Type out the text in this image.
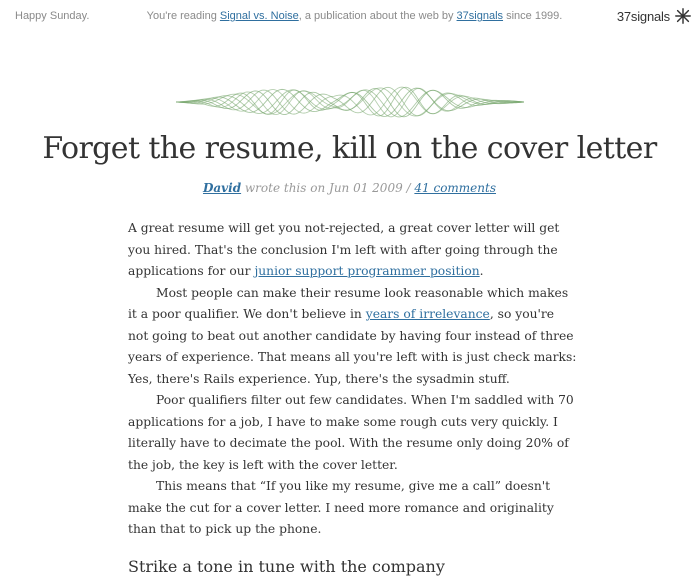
Happy Sunday.	You're reading Signal vs. Noise, a publication about the web by 37signals since 1999.	37signals
Forget the resume, kill on the cover letter
David wrote this on Jun 01 2009 / 41 comments

A great resume will get you not-rejected, a great cover letter will get you hired. That's the conclusion I'm left with after going through the applications for our junior support programmer position.

Most people can make their resume look reasonable which makes it a poor qualifier. We don't believe in years of irrelevance, so you're not going to beat out another candidate by having four instead of three years of experience. That means all you're left with is just check marks: Yes, there's Rails experience. Yup, there's the sysadmin stuff.

Poor qualifiers filter out few candidates. When I'm saddled with 70 applications for a job, I have to make some rough cuts very quickly. I literally have to decimate the pool. With the resume only doing 20% of the job, the key is left with the cover letter.

This means that “If you like my resume, give me a call” doesn't make the cut for a cover letter. I need more romance and originality than that to pick up the phone.

Strike a tone in tune with the company
